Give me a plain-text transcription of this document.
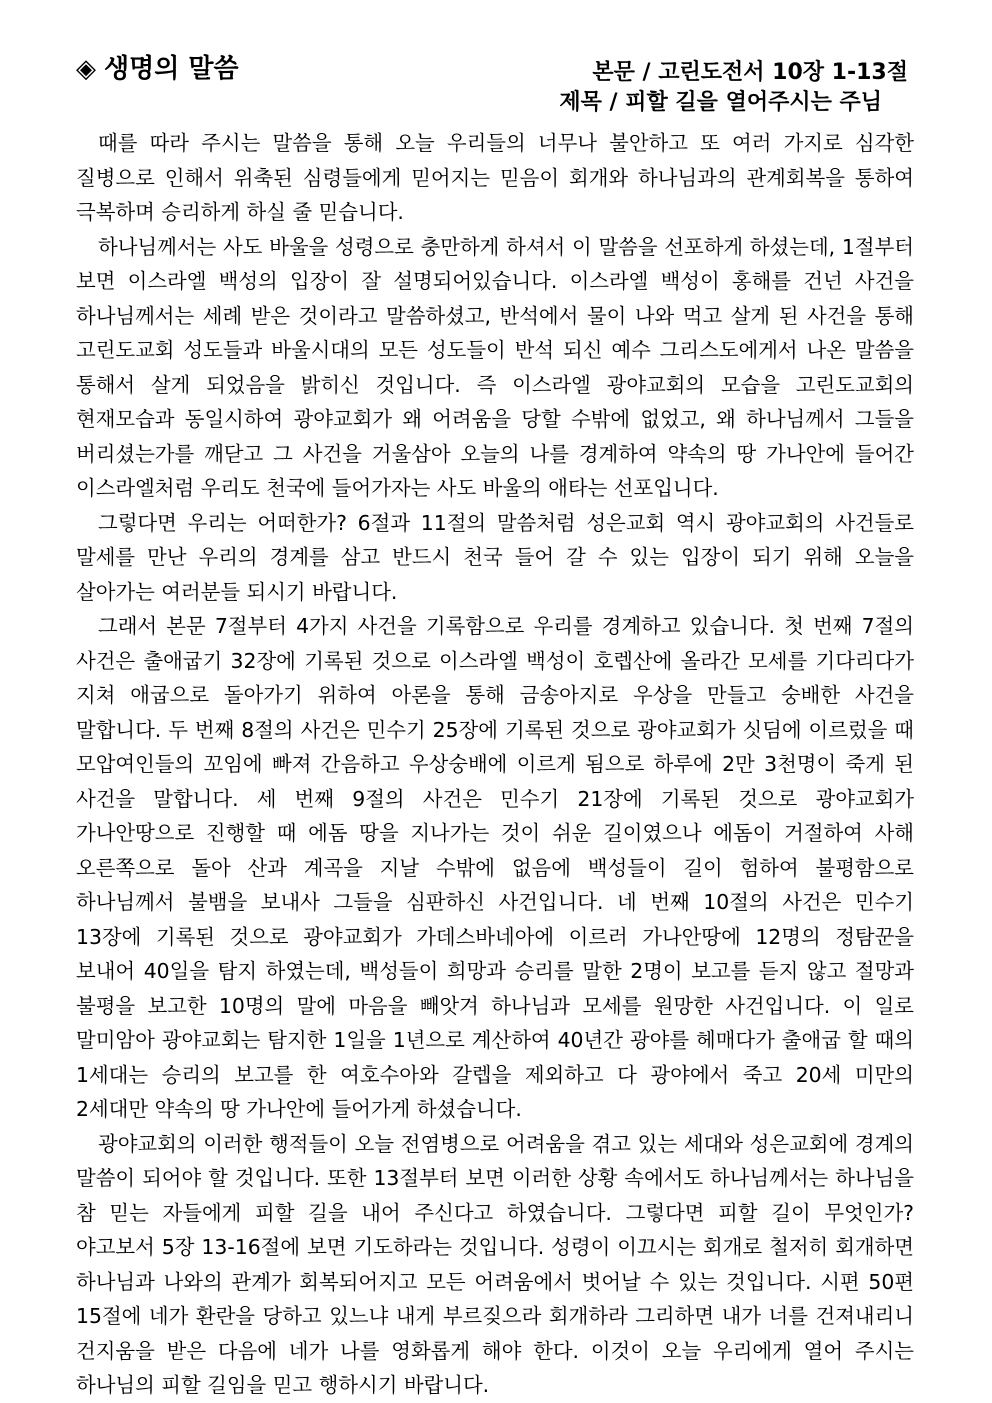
◈ 생명의 말씀	본문 / 고린도전서 10장 1-13절
제목 / 피할 길을 열어주시는 주님

때를 따라 주시는 말씀을 통해 오늘 우리들의 너무나 불안하고 또 여러 가지로 심각한 질병으로 인해서 위축된 심령들에게 믿어지는 믿음이 회개와 하나님과의 관계회복을 통하여 극복하며 승리하게 하실 줄 믿습니다.

하나님께서는 사도 바울을 성령으로 충만하게 하셔서 이 말씀을 선포하게 하셨는데, 1절부터 보면 이스라엘 백성의 입장이 잘 설명되어있습니다. 이스라엘 백성이 홍해를 건넌 사건을 하나님께서는 세례 받은 것이라고 말씀하셨고, 반석에서 물이 나와 먹고 살게 된 사건을 통해 고린도교회 성도들과 바울시대의 모든 성도들이 반석 되신 예수 그리스도에게서 나온 말씀을 통해서 살게 되었음을 밝히신 것입니다. 즉 이스라엘 광야교회의 모습을 고린도교회의 현재모습과 동일시하여 광야교회가 왜 어려움을 당할 수밖에 없었고, 왜 하나님께서 그들을 버리셨는가를 깨닫고 그 사건을 거울삼아 오늘의 나를 경계하여 약속의 땅 가나안에 들어간 이스라엘처럼 우리도 천국에 들어가자는 사도 바울의 애타는 선포입니다.

그렇다면 우리는 어떠한가? 6절과 11절의 말씀처럼 성은교회 역시 광야교회의 사건들로 말세를 만난 우리의 경계를 삼고 반드시 천국 들어 갈 수 있는 입장이 되기 위해 오늘을 살아가는 여러분들 되시기 바랍니다.

그래서 본문 7절부터 4가지 사건을 기록함으로 우리를 경계하고 있습니다. 첫 번째 7절의 사건은 출애굽기 32장에 기록된 것으로 이스라엘 백성이 호렙산에 올라간 모세를 기다리다가 지쳐 애굽으로 돌아가기 위하여 아론을 통해 금송아지로 우상을 만들고 숭배한 사건을 말합니다. 두 번째 8절의 사건은 민수기 25장에 기록된 것으로 광야교회가 싯딤에 이르렀을 때 모압여인들의 꼬임에 빠져 간음하고 우상숭배에 이르게 됨으로 하루에 2만 3천명이 죽게 된 사건을 말합니다. 세 번째 9절의 사건은 민수기 21장에 기록된 것으로 광야교회가 가나안땅으로 진행할 때 에돔 땅을 지나가는 것이 쉬운 길이였으나 에돔이 거절하여 사해 오른쪽으로 돌아 산과 계곡을 지날 수밖에 없음에 백성들이 길이 험하여 불평함으로 하나님께서 불뱀을 보내사 그들을 심판하신 사건입니다. 네 번째 10절의 사건은 민수기 13장에 기록된 것으로 광야교회가 가데스바네아에 이르러 가나안땅에 12명의 정탐꾼을 보내어 40일을 탐지 하였는데, 백성들이 희망과 승리를 말한 2명이 보고를 듣지 않고 절망과 불평을 보고한 10명의 말에 마음을 빼앗겨 하나님과 모세를 원망한 사건입니다. 이 일로 말미암아 광야교회는 탐지한 1일을 1년으로 계산하여 40년간 광야를 헤매다가 출애굽 할 때의 1세대는 승리의 보고를 한 여호수아와 갈렙을 제외하고 다 광야에서 죽고 20세 미만의 2세대만 약속의 땅 가나안에 들어가게 하셨습니다.

광야교회의 이러한 행적들이 오늘 전염병으로 어려움을 겪고 있는 세대와 성은교회에 경계의 말씀이 되어야 할 것입니다. 또한 13절부터 보면 이러한 상황 속에서도 하나님께서는 하나님을 참 믿는 자들에게 피할 길을 내어 주신다고 하였습니다. 그렇다면 피할 길이 무엇인가? 야고보서 5장 13-16절에 보면 기도하라는 것입니다. 성령이 이끄시는 회개로 철저히 회개하면 하나님과 나와의 관계가 회복되어지고 모든 어려움에서 벗어날 수 있는 것입니다. 시편 50편 15절에 네가 환란을 당하고 있느냐 내게 부르짖으라 회개하라 그리하면 내가 너를 건져내리니 건지움을 받은 다음에 네가 나를 영화롭게 해야 한다. 이것이 오늘 우리에게 열어 주시는 하나님의 피할 길임을 믿고 행하시기 바랍니다.
